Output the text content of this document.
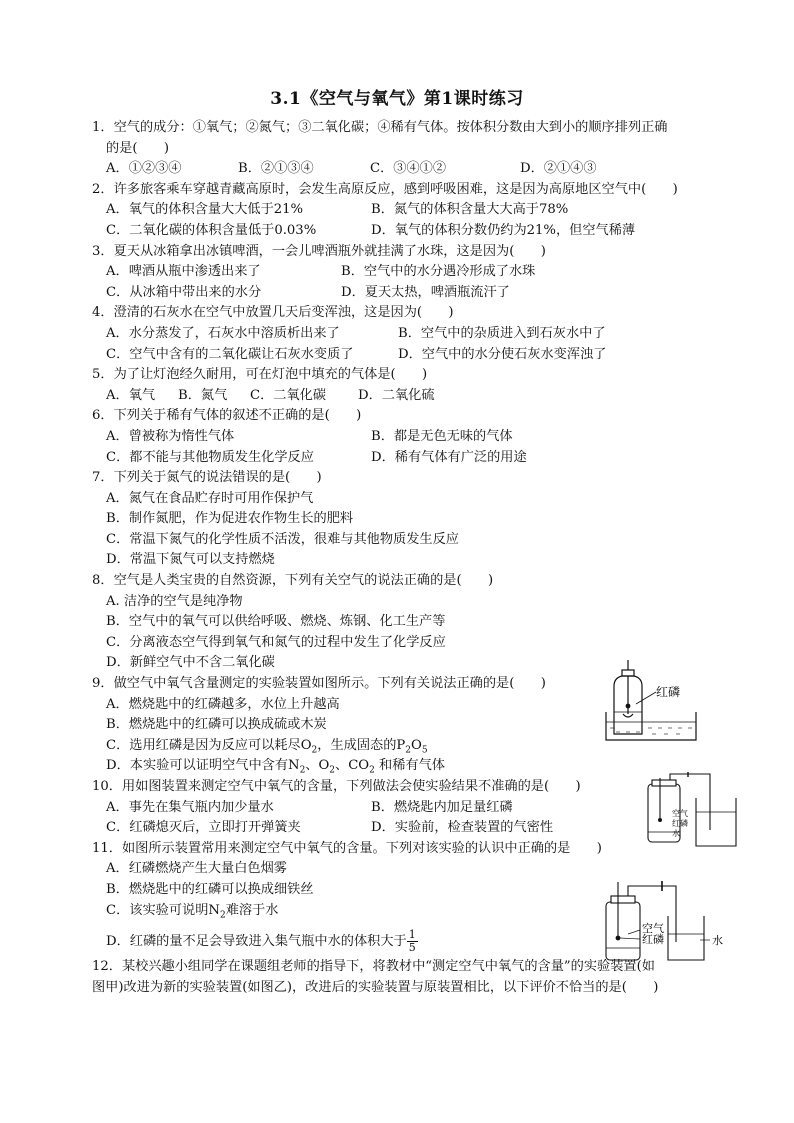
3.1《空气与氧气》第1课时练习
1．空气的成分：①氧气；②氮气；③二氧化碳；④稀有气体。按体积分数由大到小的顺序排列正确
的是(　　)
A．①②③④	B．②①③④	C．③④①②	D．②①④③
2．许多旅客乘车穿越青藏高原时，会发生高原反应，感到呼吸困难，这是因为高原地区空气中(　　)
A．氧气的体积含量大大低于21%	B．氮气的体积含量大大高于78%
C．二氧化碳的体积含量低于0.03%	D．氧气的体积分数仍约为21%，但空气稀薄
3．夏天从冰箱拿出冰镇啤酒，一会儿啤酒瓶外就挂满了水珠，这是因为(　　)
A．啤酒从瓶中渗透出来了	B．空气中的水分遇冷形成了水珠
C．从冰箱中带出来的水分	D．夏天太热，啤酒瓶流汗了
4．澄清的石灰水在空气中放置几天后变浑浊，这是因为(　　)
A．水分蒸发了，石灰水中溶质析出来了	B．空气中的杂质进入到石灰水中了
C．空气中含有的二氧化碳让石灰水变质了	D．空气中的水分使石灰水变浑浊了
5．为了让灯泡经久耐用，可在灯泡中填充的气体是(　　)
A．氧气	B．氮气	C．二氧化碳	D．二氧化硫
6．下列关于稀有气体的叙述不正确的是(　　)
A．曾被称为惰性气体	B．都是无色无味的气体
C．都不能与其他物质发生化学反应	D．稀有气体有广泛的用途
7．下列关于氮气的说法错误的是(　　)
A．氮气在食品贮存时可用作保护气
B．制作氮肥，作为促进农作物生长的肥料
C．常温下氮气的化学性质不活泼，很难与其他物质发生反应
D．常温下氮气可以支持燃烧
8．空气是人类宝贵的自然资源，下列有关空气的说法正确的是(　　)
A. 洁净的空气是纯净物
B．空气中的氧气可以供给呼吸、燃烧、炼钢、化工生产等
C．分离液态空气得到氧气和氮气的过程中发生了化学反应
D．新鲜空气中不含二氧化碳
9．做空气中氧气含量测定的实验装置如图所示。下列有关说法正确的是(　　)
A．燃烧匙中的红磷越多，水位上升越高
B．燃烧匙中的红磷可以换成硫或木炭
C．选用红磷是因为反应可以耗尽$O_2$，生成固态的$P_2O_5$
D．本实验可以证明空气中含有$N_2$、$O_2$、$CO_2$ 和稀有气体
10．用如图装置来测定空气中氧气的含量，下列做法会使实验结果不准确的是(　　)
A．事先在集气瓶内加少量水	B．燃烧匙内加足量红磷
C．红磷熄灭后，立即打开弹簧夹	D．实验前，检查装置的气密性
11．如图所示装置常用来测定空气中氧气的含量。下列对该实验的认识中正确的是　　)
A．红磷燃烧产生大量白色烟雾
B．燃烧匙中的红磷可以换成细铁丝
C．该实验可说明$N_2$难溶于水
D．红磷的量不足会导致进入集气瓶中水的体积大于 $\frac{1}{5}$
12．某校兴趣小组同学在课题组老师的指导下，将教材中“测定空气中氧气的含量”的实验装置(如
图甲)改进为新的实验装置(如图乙)，改进后的实验装置与原装置相比，以下评价不恰当的是(　　)
红磷
空气
红磷
水
空气
红磷	水
